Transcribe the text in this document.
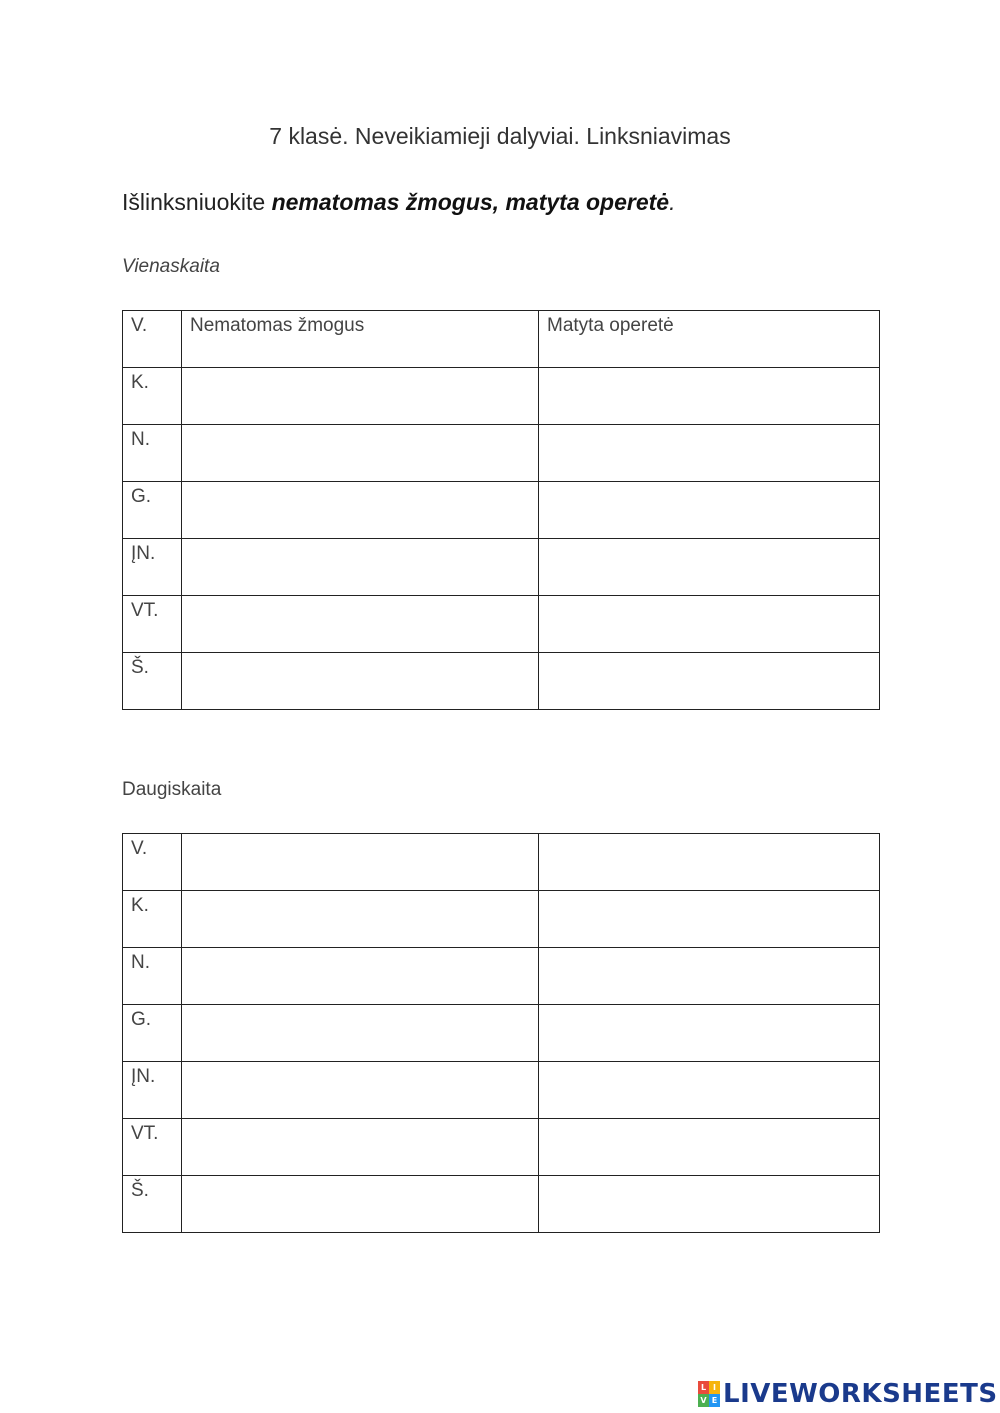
7 klasė. Neveikiamieji dalyviai. Linksniavimas
Išlinksniuokite nematomas žmogus, matyta operetė.
Vienaskaita
V.	Nematomas žmogus	Matyta operetė
K.		
N.		
G.		
ĮN.		
VT.		
Š.		
Daugiskaita
V.		
K.		
N.		
G.		
ĮN.		
VT.		
Š.		
L I
V E LIVEWORKSHEETS
